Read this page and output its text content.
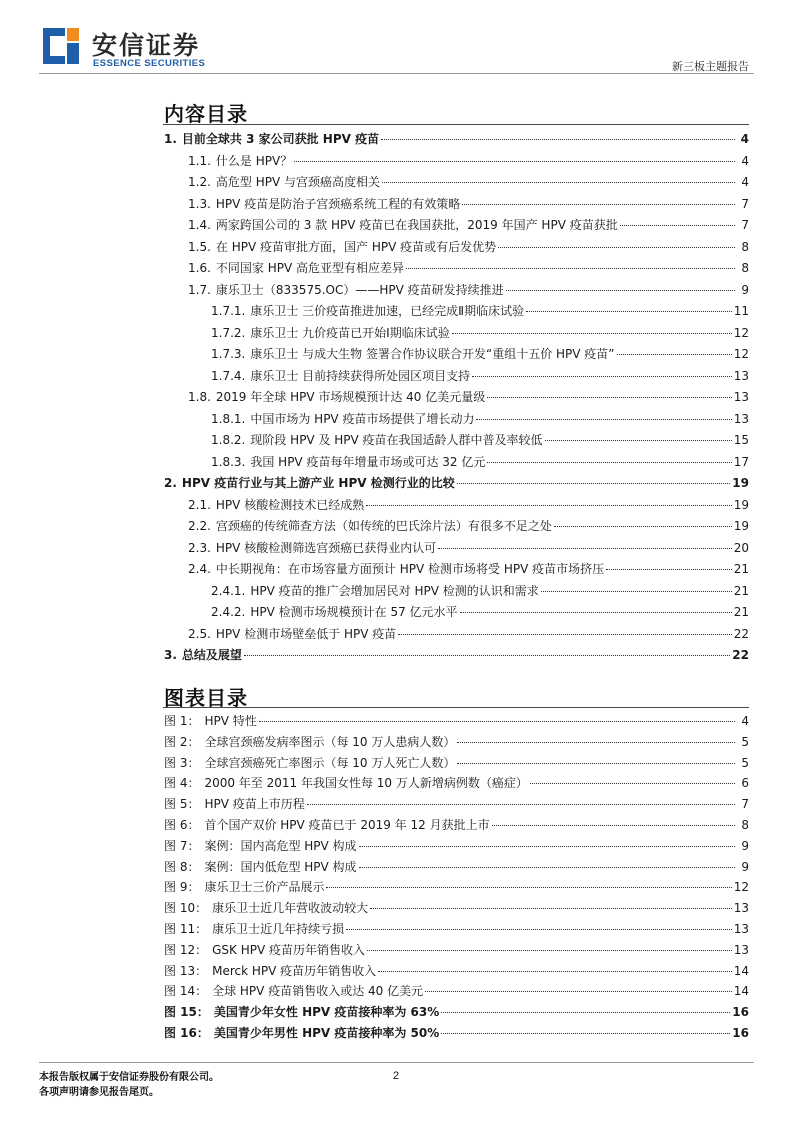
安信证券
ESSENCE SECURITIES	新三板主题报告
内容目录
1. 目前全球共 3 家公司获批 HPV 疫苗	4
1.1. 什么是 HPV？	4
1.2. 高危型 HPV 与宫颈癌高度相关	4
1.3. HPV 疫苗是防治子宫颈癌系统工程的有效策略	7
1.4. 两家跨国公司的 3 款 HPV 疫苗已在我国获批，2019 年国产 HPV 疫苗获批	7
1.5. 在 HPV 疫苗审批方面，国产 HPV 疫苗或有后发优势	8
1.6. 不同国家 HPV 高危亚型有相应差异	8
1.7. 康乐卫士（833575.OC）——HPV 疫苗研发持续推进	9
1.7.1. 康乐卫士 三价疫苗推进加速，已经完成Ⅱ期临床试验	11
1.7.2. 康乐卫士 九价疫苗已开始Ⅰ期临床试验	12
1.7.3. 康乐卫士 与成大生物 签署合作协议联合开发“重组十五价 HPV 疫苗”	12
1.7.4. 康乐卫士 目前持续获得所处园区项目支持	13
1.8. 2019 年全球 HPV 市场规模预计达 40 亿美元量级	13
1.8.1. 中国市场为 HPV 疫苗市场提供了增长动力	13
1.8.2. 现阶段 HPV 及 HPV 疫苗在我国适龄人群中普及率较低	15
1.8.3. 我国 HPV 疫苗每年增量市场或可达 32 亿元	17
2. HPV 疫苗行业与其上游产业 HPV 检测行业的比较	19
2.1. HPV 核酸检测技术已经成熟	19
2.2. 宫颈癌的传统筛查方法（如传统的巴氏涂片法）有很多不足之处	19
2.3. HPV 核酸检测筛选宫颈癌已获得业内认可	20
2.4. 中长期视角：在市场容量方面预计 HPV 检测市场将受 HPV 疫苗市场挤压	21
2.4.1. HPV 疫苗的推广会增加居民对 HPV 检测的认识和需求	21
2.4.2. HPV 检测市场规模预计在 57 亿元水平	21
2.5. HPV 检测市场壁垒低于 HPV 疫苗	22
3. 总结及展望	22
图表目录
图 1： HPV 特性	4
图 2： 全球宫颈癌发病率图示（每 10 万人患病人数）	5
图 3： 全球宫颈癌死亡率图示（每 10 万人死亡人数）	5
图 4： 2000 年至 2011 年我国女性每 10 万人新增病例数（癌症）	6
图 5： HPV 疫苗上市历程	7
图 6： 首个国产双价 HPV 疫苗已于 2019 年 12 月获批上市	8
图 7： 案例：国内高危型 HPV 构成	9
图 8： 案例：国内低危型 HPV 构成	9
图 9： 康乐卫士三价产品展示	12
图 10： 康乐卫士近几年营收波动较大	13
图 11： 康乐卫士近几年持续亏损	13
图 12： GSK HPV 疫苗历年销售收入	13
图 13： Merck HPV 疫苗历年销售收入	14
图 14： 全球 HPV 疫苗销售收入或达 40 亿美元	14
图 15： 美国青少年女性 HPV 疫苗接种率为 63%	16
图 16： 美国青少年男性 HPV 疫苗接种率为 50%	16
本报告版权属于安信证券股份有限公司。
各项声明请参见报告尾页。
2
